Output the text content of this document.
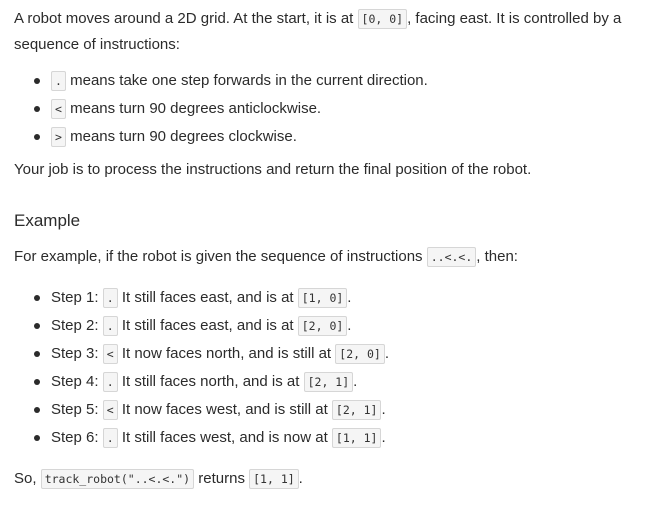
A robot moves around a 2D grid. At the start, it is at [0, 0] , facing east. It is controlled by a sequence of instructions:

. means take one step forwards in the current direction.
< means turn 90 degrees anticlockwise.
> means turn 90 degrees clockwise.

Your job is to process the instructions and return the final position of the robot.

Example

For example, if the robot is given the sequence of instructions ..<.<. , then:

Step 1: . It still faces east, and is at [1, 0] .
Step 2: . It still faces east, and is at [2, 0] .
Step 3: < It now faces north, and is still at [2, 0] .
Step 4: . It still faces north, and is at [2, 1] .
Step 5: < It now faces west, and is still at [2, 1] .
Step 6: . It still faces west, and is now at [1, 1] .

So, track_robot("..<.<.") returns [1, 1] .
